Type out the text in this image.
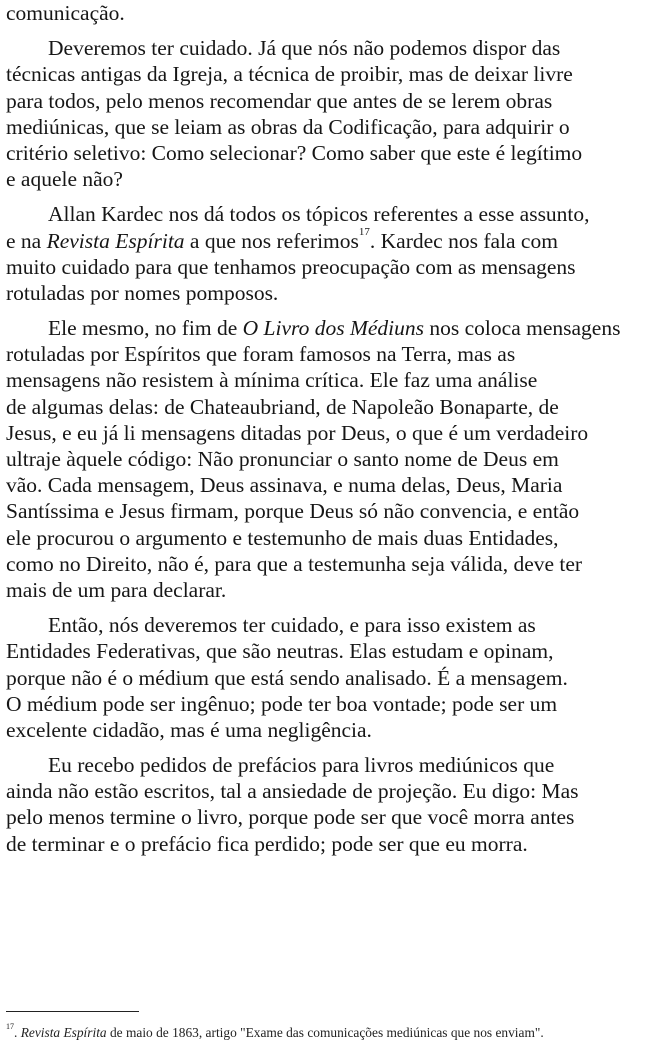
comunicação.
Deveremos ter cuidado. Já que nós não podemos dispor das
técnicas antigas da Igreja, a técnica de proibir, mas de deixar livre
para todos, pelo menos recomendar que antes de se lerem obras
mediúnicas, que se leiam as obras da Codificação, para adquirir o
critério seletivo: Como selecionar? Como saber que este é legítimo
e aquele não?
Allan Kardec nos dá todos os tópicos referentes a esse assunto,
e na Revista Espírita a que nos referimos$^{17}$. Kardec nos fala com
muito cuidado para que tenhamos preocupação com as mensagens
rotuladas por nomes pomposos.
Ele mesmo, no fim de O Livro dos Médiuns nos coloca mensagens
rotuladas por Espíritos que foram famosos na Terra, mas as
mensagens não resistem à mínima crítica. Ele faz uma análise
de algumas delas: de Chateaubriand, de Napoleão Bonaparte, de
Jesus, e eu já li mensagens ditadas por Deus, o que é um verdadeiro
ultraje àquele código: Não pronunciar o santo nome de Deus em
vão. Cada mensagem, Deus assinava, e numa delas, Deus, Maria
Santíssima e Jesus firmam, porque Deus só não convencia, e então
ele procurou o argumento e testemunho de mais duas Entidades,
como no Direito, não é, para que a testemunha seja válida, deve ter
mais de um para declarar.
Então, nós deveremos ter cuidado, e para isso existem as
Entidades Federativas, que são neutras. Elas estudam e opinam,
porque não é o médium que está sendo analisado. É a mensagem.
O médium pode ser ingênuo; pode ter boa vontade; pode ser um
excelente cidadão, mas é uma negligência.
Eu recebo pedidos de prefácios para livros mediúnicos que
ainda não estão escritos, tal a ansiedade de projeção. Eu digo: Mas
pelo menos termine o livro, porque pode ser que você morra antes
de terminar e o prefácio fica perdido; pode ser que eu morra.
$^{17}$. Revista Espírita de maio de 1863, artigo "Exame das comunicações mediúnicas que nos enviam".
